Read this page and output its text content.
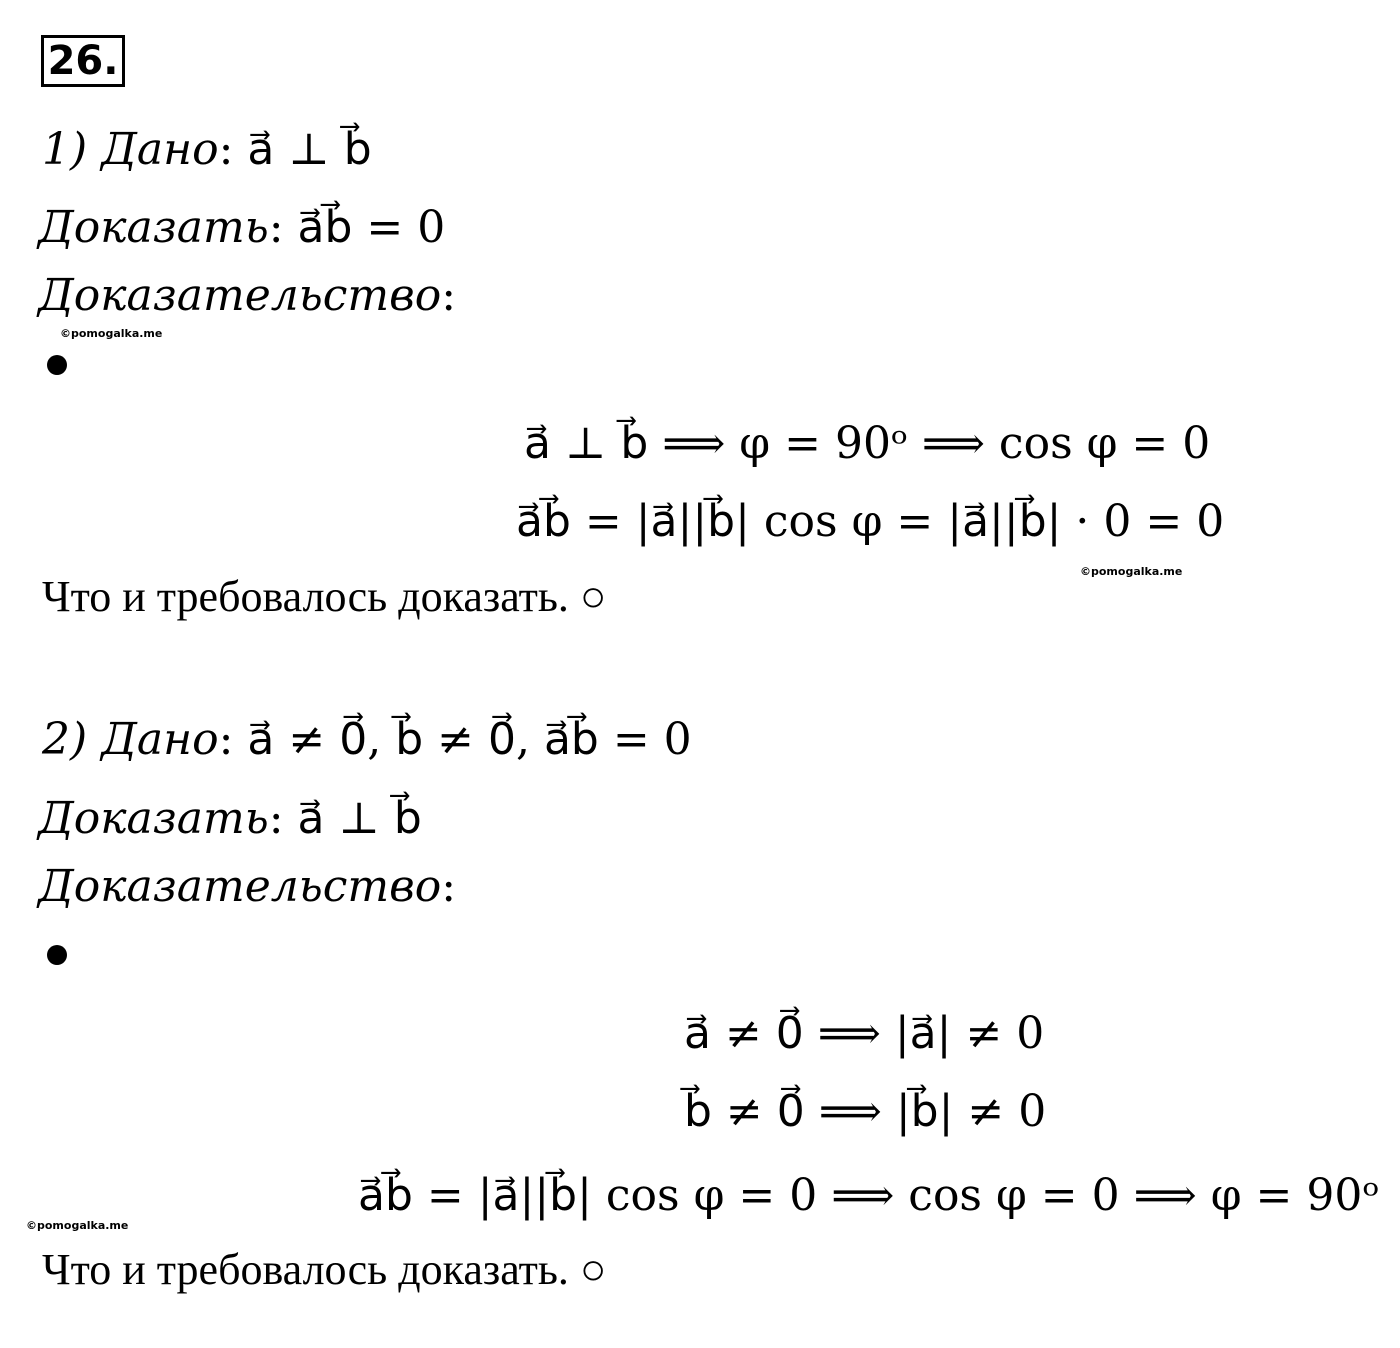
26.
1) Дано: a⃗ ⊥ b⃗
Доказать: a⃗b⃗ = 0
Доказательство:
©pomogalka.me
a⃗ ⊥ b⃗ ⟹ φ = 90ᵒ ⟹ cos φ = 0
a⃗b⃗ = |a⃗||b⃗| cos φ = |a⃗||b⃗| · 0 = 0
©pomogalka.me
Что и требовалось доказать. ○
2) Дано: a⃗ ≠ 0⃗, b⃗ ≠ 0⃗, a⃗b⃗ = 0
Доказать: a⃗ ⊥ b⃗
Доказательство:
a⃗ ≠ 0⃗ ⟹ |a⃗| ≠ 0
b⃗ ≠ 0⃗ ⟹ |b⃗| ≠ 0
a⃗b⃗ = |a⃗||b⃗| cos φ = 0 ⟹ cos φ = 0 ⟹ φ = 90ᵒ
©pomogalka.me
Что и требовалось доказать. ○
